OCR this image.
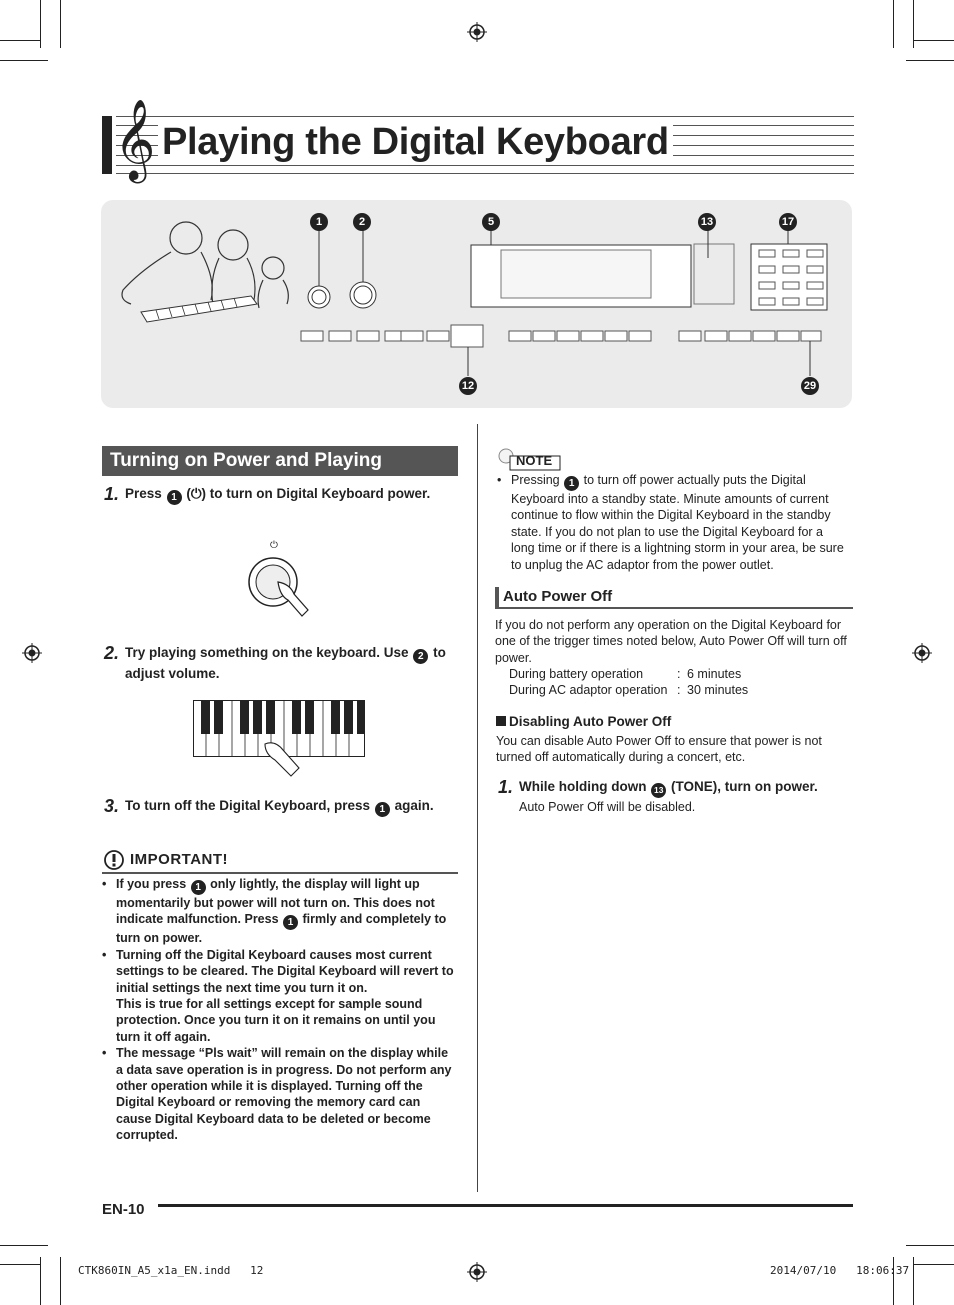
𝄞 Playing the Digital Keyboard
1	2	5	13	17
12	29
Turning on Power and Playing
1. Press 1 (⏻) to turn on Digital Keyboard power.
⏻
2. Try playing something on the keyboard. Use 2 to adjust volume.
3. To turn off the Digital Keyboard, press 1 again.
IMPORTANT!

• If you press 1 only lightly, the display will light up momentarily but power will not turn on. This does not indicate malfunction. Press 1 firmly and completely to turn on power.

• Turning off the Digital Keyboard causes most current settings to be cleared. The Digital Keyboard will revert to initial settings the next time you turn it on.
This is true for all settings except for sample sound protection. Once you turn it on it remains on until you turn it off again.

• The message “Pls wait” will remain on the display while a data save operation is in progress. Do not perform any other operation while it is displayed. Turning off the Digital Keyboard or removing the memory card can cause Digital Keyboard data to be deleted or become corrupted.

NOTE

• Pressing 1 to turn off power actually puts the Digital Keyboard into a standby state. Minute amounts of current continue to flow within the Digital Keyboard in the standby state. If you do not plan to use the Digital Keyboard for a long time or if there is a lightning storm in your area, be sure to unplug the AC adaptor from the power outlet.

Auto Power Off
If you do not perform any operation on the Digital Keyboard for one of the trigger times noted below, Auto Power Off will turn off power.
During battery operation	: 6 minutes
During AC adaptor operation : 30 minutes
Disabling Auto Power Off
You can disable Auto Power Off to ensure that power is not turned off automatically during a concert, etc.
1. While holding down 13 (TONE), turn on power.
Auto Power Off will be disabled.
EN-10
CTK860IN_A5_x1a_EN.indd   12	2014/07/10   18:06:37
